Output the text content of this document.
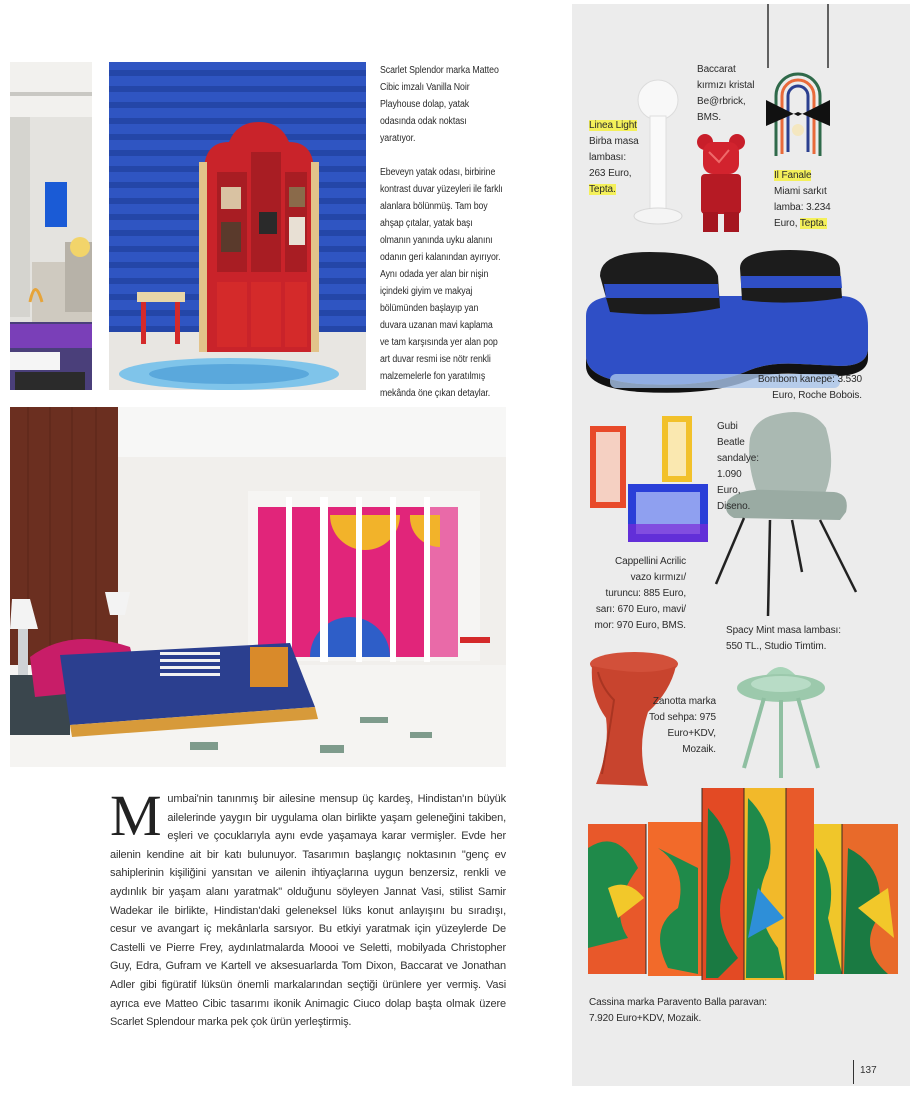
Scarlet Splendor marka Matteo Cibic imzalı Vanilla Noir Playhouse dolap, yatak odasında odak noktası yaratıyor.

Ebeveyn yatak odası, birbirine kontrast duvar yüzeyleri ile farklı alanlara bölünmüş. Tam boy ahşap çıtalar, yatak başı olmanın yanında uyku alanını odanın geri kalanından ayırıyor. Aynı odada yer alan bir nişin içindeki giyim ve makyaj bölümünden başlayıp yan duvara uzanan mavi kaplama ve tam karşısında yer alan pop art duvar resmi ise nötr renkli malzemelerle fon yaratılmış mekânda öne çıkan detaylar.

Mumbai'nin tanınmış bir ailesine mensup üç kardeş, Hindistan'ın büyük ailelerinde yaygın bir uygulama olan birlikte yaşam geleneğini takiben, eşleri ve çocuklarıyla aynı evde yaşamaya karar vermişler. Evde her ailenin kendine ait bir katı bulunuyor. Tasarımın başlangıç noktasının "genç ev sahiplerinin kişiliğini yansıtan ve ailenin ihtiyaçlarına uygun benzersiz, renkli ve aydınlık bir yaşam alanı yaratmak" olduğunu söyleyen Jannat Vasi, stilist Samir Wadekar ile birlikte, Hindistan'daki geleneksel lüks konut anlayışını bu sıradışı, cesur ve avangart iç mekânlarla sarsıyor. Bu etkiyi yaratmak için yüzeylerde De Castelli ve Pierre Frey, aydınlatmalarda Moooi ve Seletti, mobilyada Christopher Guy, Edra, Gufram ve Kartell ve aksesuarlarda Tom Dixon, Baccarat ve Jonathan Adler gibi figüratif lüksün önemli markalarından seçtiği ürünlere yer vermiş. Vasi ayrıca eve Matteo Cibic tasarımı ikonik Animagic Ciuco dolap başta olmak üzere Scarlet Splendour marka pek çok ürün yerleştirmiş.
Linea Light
Birba masa lambası: 263 Euro,
Tepta.
Baccarat kırmızı kristal Be@rbrick, BMS.
Il Fanale
Miami sarkıt lamba: 3.234 Euro, Tepta.
Bombom kanepe: 3.530 Euro, Roche Bobois.
Cappellini Acrilic vazo kırmızı/ turuncu: 885 Euro, sarı: 670 Euro, mavi/ mor: 970 Euro, BMS.
Gubi Beatle sandalye: 1.090 Euro, Diseno.
Spacy Mint masa lambası: 550 TL., Studio Timtim.
Zanotta marka Tod sehpa: 975 Euro+KDV, Mozaik.
Cassina marka Paravento Balla paravan: 7.920 Euro+KDV, Mozaik.
137
